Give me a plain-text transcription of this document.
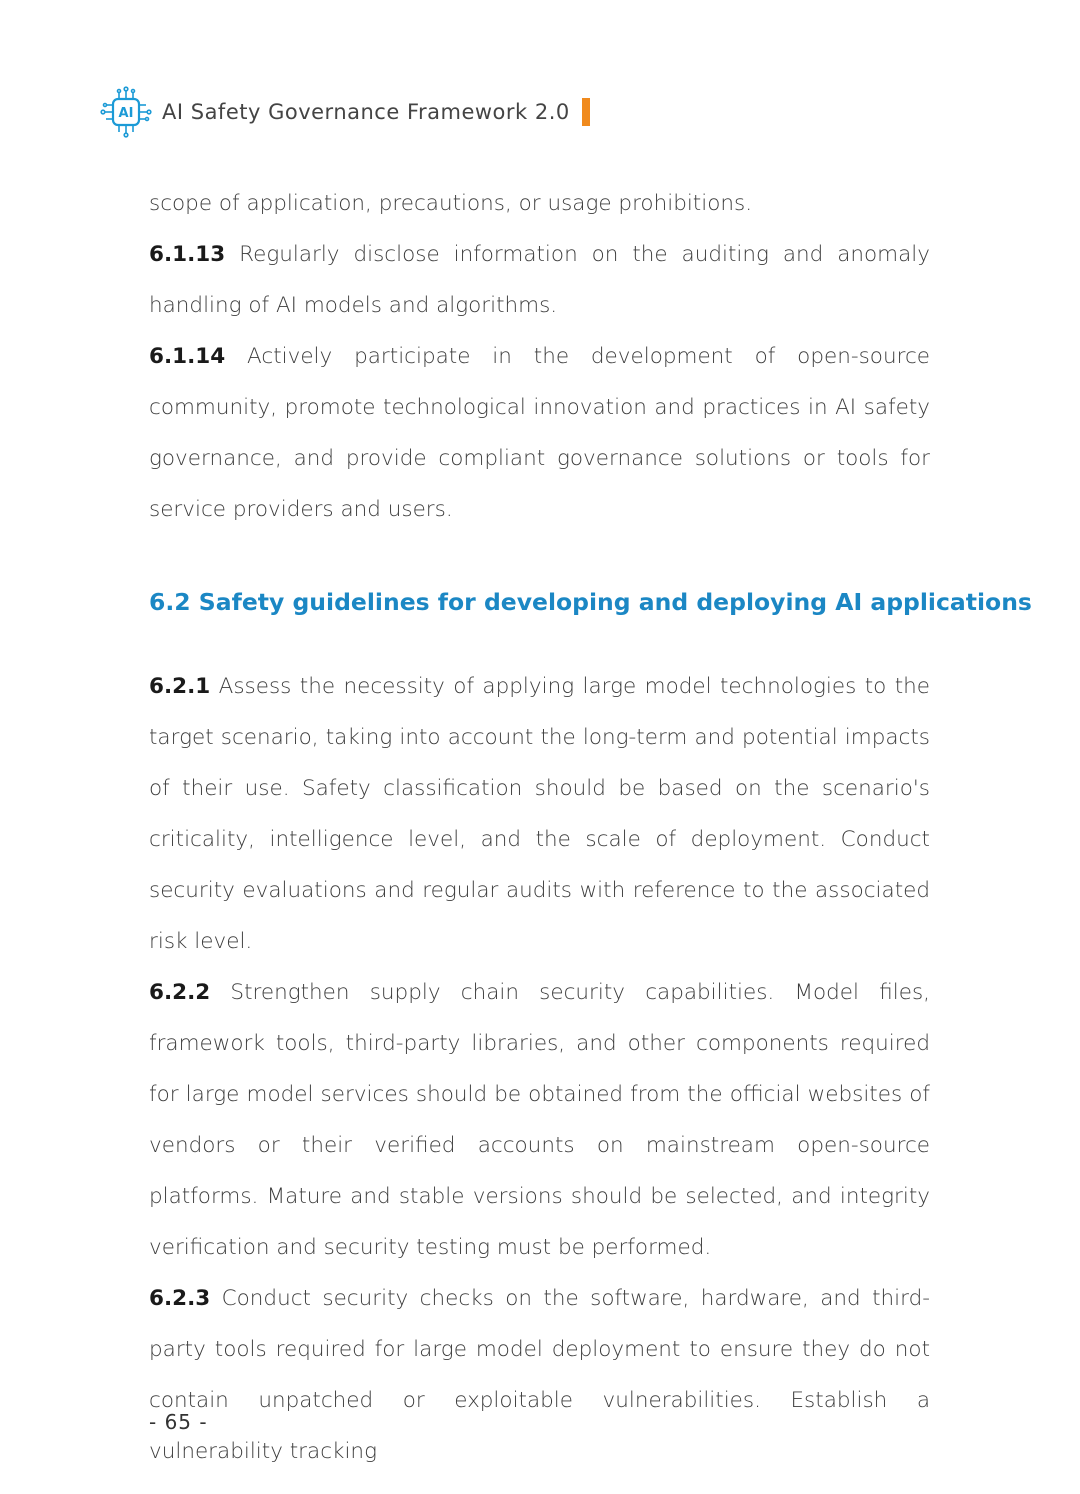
AI AI Safety Governance Framework 2.0

scope of application, precautions, or usage prohibitions.

6.1.13 Regularly disclose information on the auditing and anomaly handling of AI models and algorithms.

6.1.14 Actively participate in the development of open-source community, promote technological innovation and practices in AI safety governance, and provide compliant governance solutions or tools for service providers and users.

6.2 Safety guidelines for developing and deploying AI applications

6.2.1 Assess the necessity of applying large model technologies to the target scenario, taking into account the long-term and potential impacts of their use. Safety classification should be based on the scenario's criticality, intelligence level, and the scale of deployment. Conduct security evaluations and regular audits with reference to the associated risk level.

6.2.2 Strengthen supply chain security capabilities. Model files, framework tools, third-party libraries, and other components required for large model services should be obtained from the official websites of vendors or their verified accounts on mainstream open-source platforms. Mature and stable versions should be selected, and integrity verification and security testing must be performed.

6.2.3 Conduct security checks on the software, hardware, and third-party tools required for large model deployment to ensure they do not contain unpatched or exploitable vulnerabilities. Establish a vulnerability tracking

- 65 -
